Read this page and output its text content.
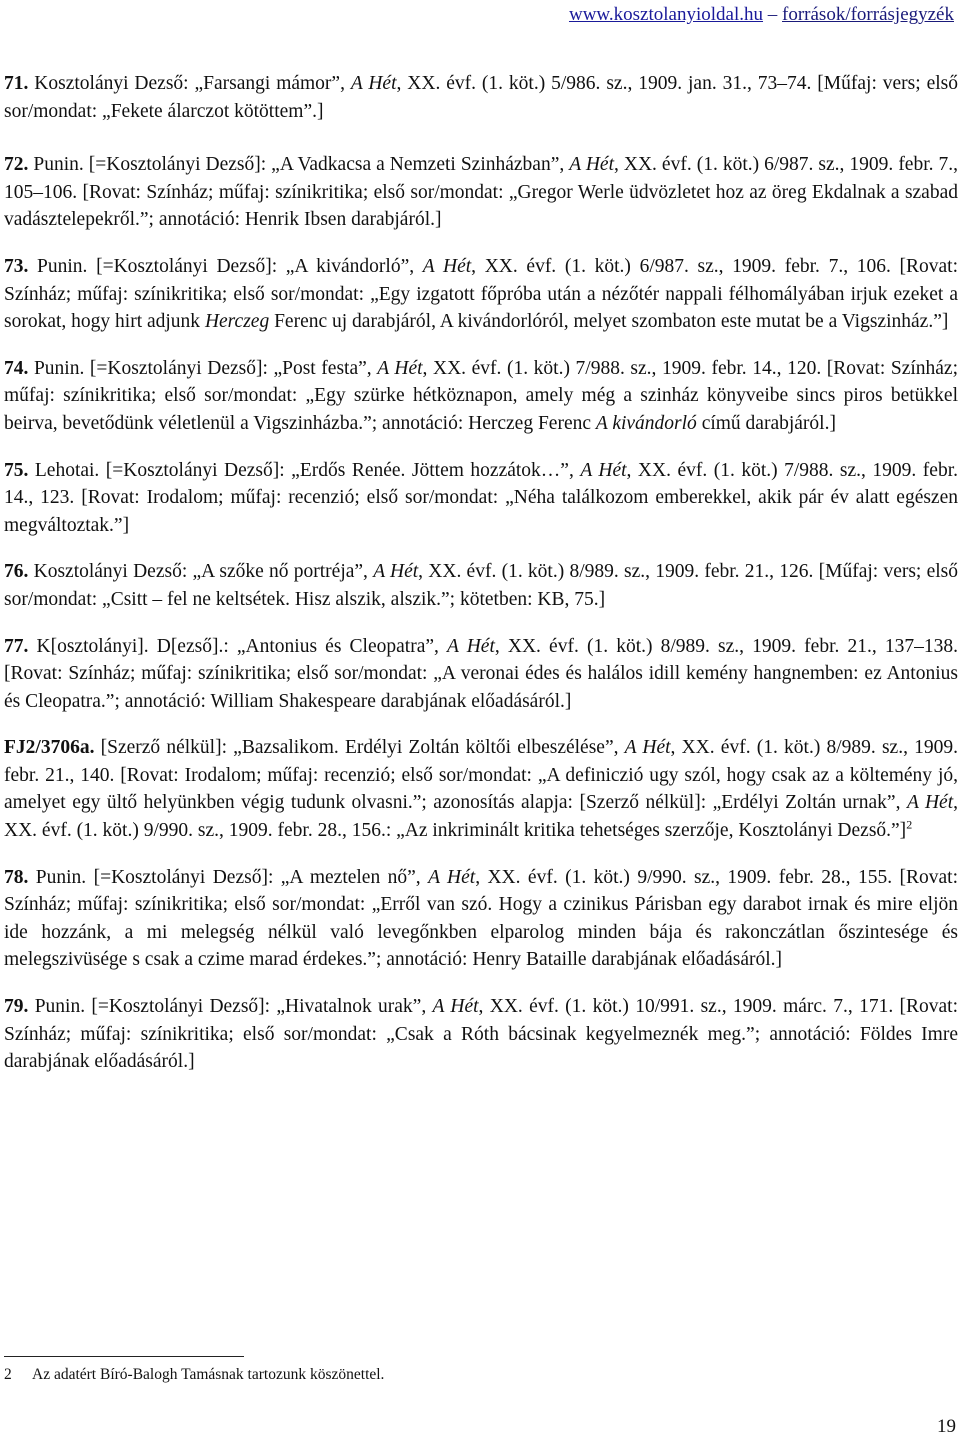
www.kosztolanyioldal.hu – források/forrásjegyzék

71. Kosztolányi Dezső: „Farsangi mámor”, A Hét, XX. évf. (1. köt.) 5/986. sz., 1909. jan. 31., 73–74. [Műfaj: vers; első sor/mondat: „Fekete álarczot kötöttem”.]

72. Punin. [=Kosztolányi Dezső]: „A Vadkacsa a Nemzeti Szinházban”, A Hét, XX. évf. (1. köt.) 6/987. sz., 1909. febr. 7., 105–106. [Rovat: Színház; műfaj: színikritika; első sor/mondat: „Gregor Werle üdvözletet hoz az öreg Ekdalnak a szabad vadásztelepekről.”; annotáció: Henrik Ibsen darabjáról.]

73. Punin. [=Kosztolányi Dezső]: „A kivándorló”, A Hét, XX. évf. (1. köt.) 6/987. sz., 1909. febr. 7., 106. [Rovat: Színház; műfaj: színikritika; első sor/mondat: „Egy izgatott főpróba után a nézőtér nappali félhomályában irjuk ezeket a sorokat, hogy hirt adjunk Herczeg Ferenc uj darabjáról, A kivándorlóról, melyet szombaton este mutat be a Vigszinház.”]

74. Punin. [=Kosztolányi Dezső]: „Post festa”, A Hét, XX. évf. (1. köt.) 7/988. sz., 1909. febr. 14., 120. [Rovat: Színház; műfaj: színikritika; első sor/mondat: „Egy szürke hétköznapon, amely még a szinház könyveibe sincs piros betükkel beirva, bevetődünk véletlenül a Vigszinházba.”; annotáció: Herczeg Ferenc A kivándorló című darabjáról.]

75. Lehotai. [=Kosztolányi Dezső]: „Erdős Renée. Jöttem hozzátok…”, A Hét, XX. évf. (1. köt.) 7/988. sz., 1909. febr. 14., 123. [Rovat: Irodalom; műfaj: recenzió; első sor/mondat: „Néha találkozom emberekkel, akik pár év alatt egészen megváltoztak.”]

76. Kosztolányi Dezső: „A szőke nő portréja”, A Hét, XX. évf. (1. köt.) 8/989. sz., 1909. febr. 21., 126. [Műfaj: vers; első sor/mondat: „Csitt – fel ne keltsétek. Hisz alszik, alszik.”; kötetben: KB, 75.]

77. K[osztolányi]. D[ezső].: „Antonius és Cleopatra”, A Hét, XX. évf. (1. köt.) 8/989. sz., 1909. febr. 21., 137–138. [Rovat: Színház; műfaj: színikritika; első sor/mondat: „A veronai édes és halálos idill kemény hangnemben: ez Antonius és Cleopatra.”; annotáció: William Shakespeare darabjának előadásáról.]

FJ2/3706a. [Szerző nélkül]: „Bazsalikom. Erdélyi Zoltán költői elbeszélése”, A Hét, XX. évf. (1. köt.) 8/989. sz., 1909. febr. 21., 140. [Rovat: Irodalom; műfaj: recenzió; első sor/mondat: „A definiczió ugy szól, hogy csak az a költemény jó, amelyet egy ültő helyünkben végig tudunk olvasni.”; azonosítás alapja: [Szerző nélkül]: „Erdélyi Zoltán urnak”, A Hét, XX. évf. (1. köt.) 9/990. sz., 1909. febr. 28., 156.: „Az inkriminált kritika tehetséges szerzője, Kosztolányi Dezső.”]$^2$

78. Punin. [=Kosztolányi Dezső]: „A meztelen nő”, A Hét, XX. évf. (1. köt.) 9/990. sz., 1909. febr. 28., 155. [Rovat: Színház; műfaj: színikritika; első sor/mondat: „Erről van szó. Hogy a czinikus Párisban egy darabot irnak és mire eljön ide hozzánk, a mi melegség nélkül való levegőnkben elparolog minden bája és rakonczátlan őszintesége és melegszivüsége s csak a czime marad érdekes.”; annotáció: Henry Bataille darabjának előadásáról.]

79. Punin. [=Kosztolányi Dezső]: „Hivatalnok urak”, A Hét, XX. évf. (1. köt.) 10/991. sz., 1909. márc. 7., 171. [Rovat: Színház; műfaj: színikritika; első sor/mondat: „Csak a Róth bácsinak kegyelmeznék meg.”; annotáció: Földes Imre darabjának előadásáról.]

2 Az adatért Bíró-Balogh Tamásnak tartozunk köszönettel.
19
